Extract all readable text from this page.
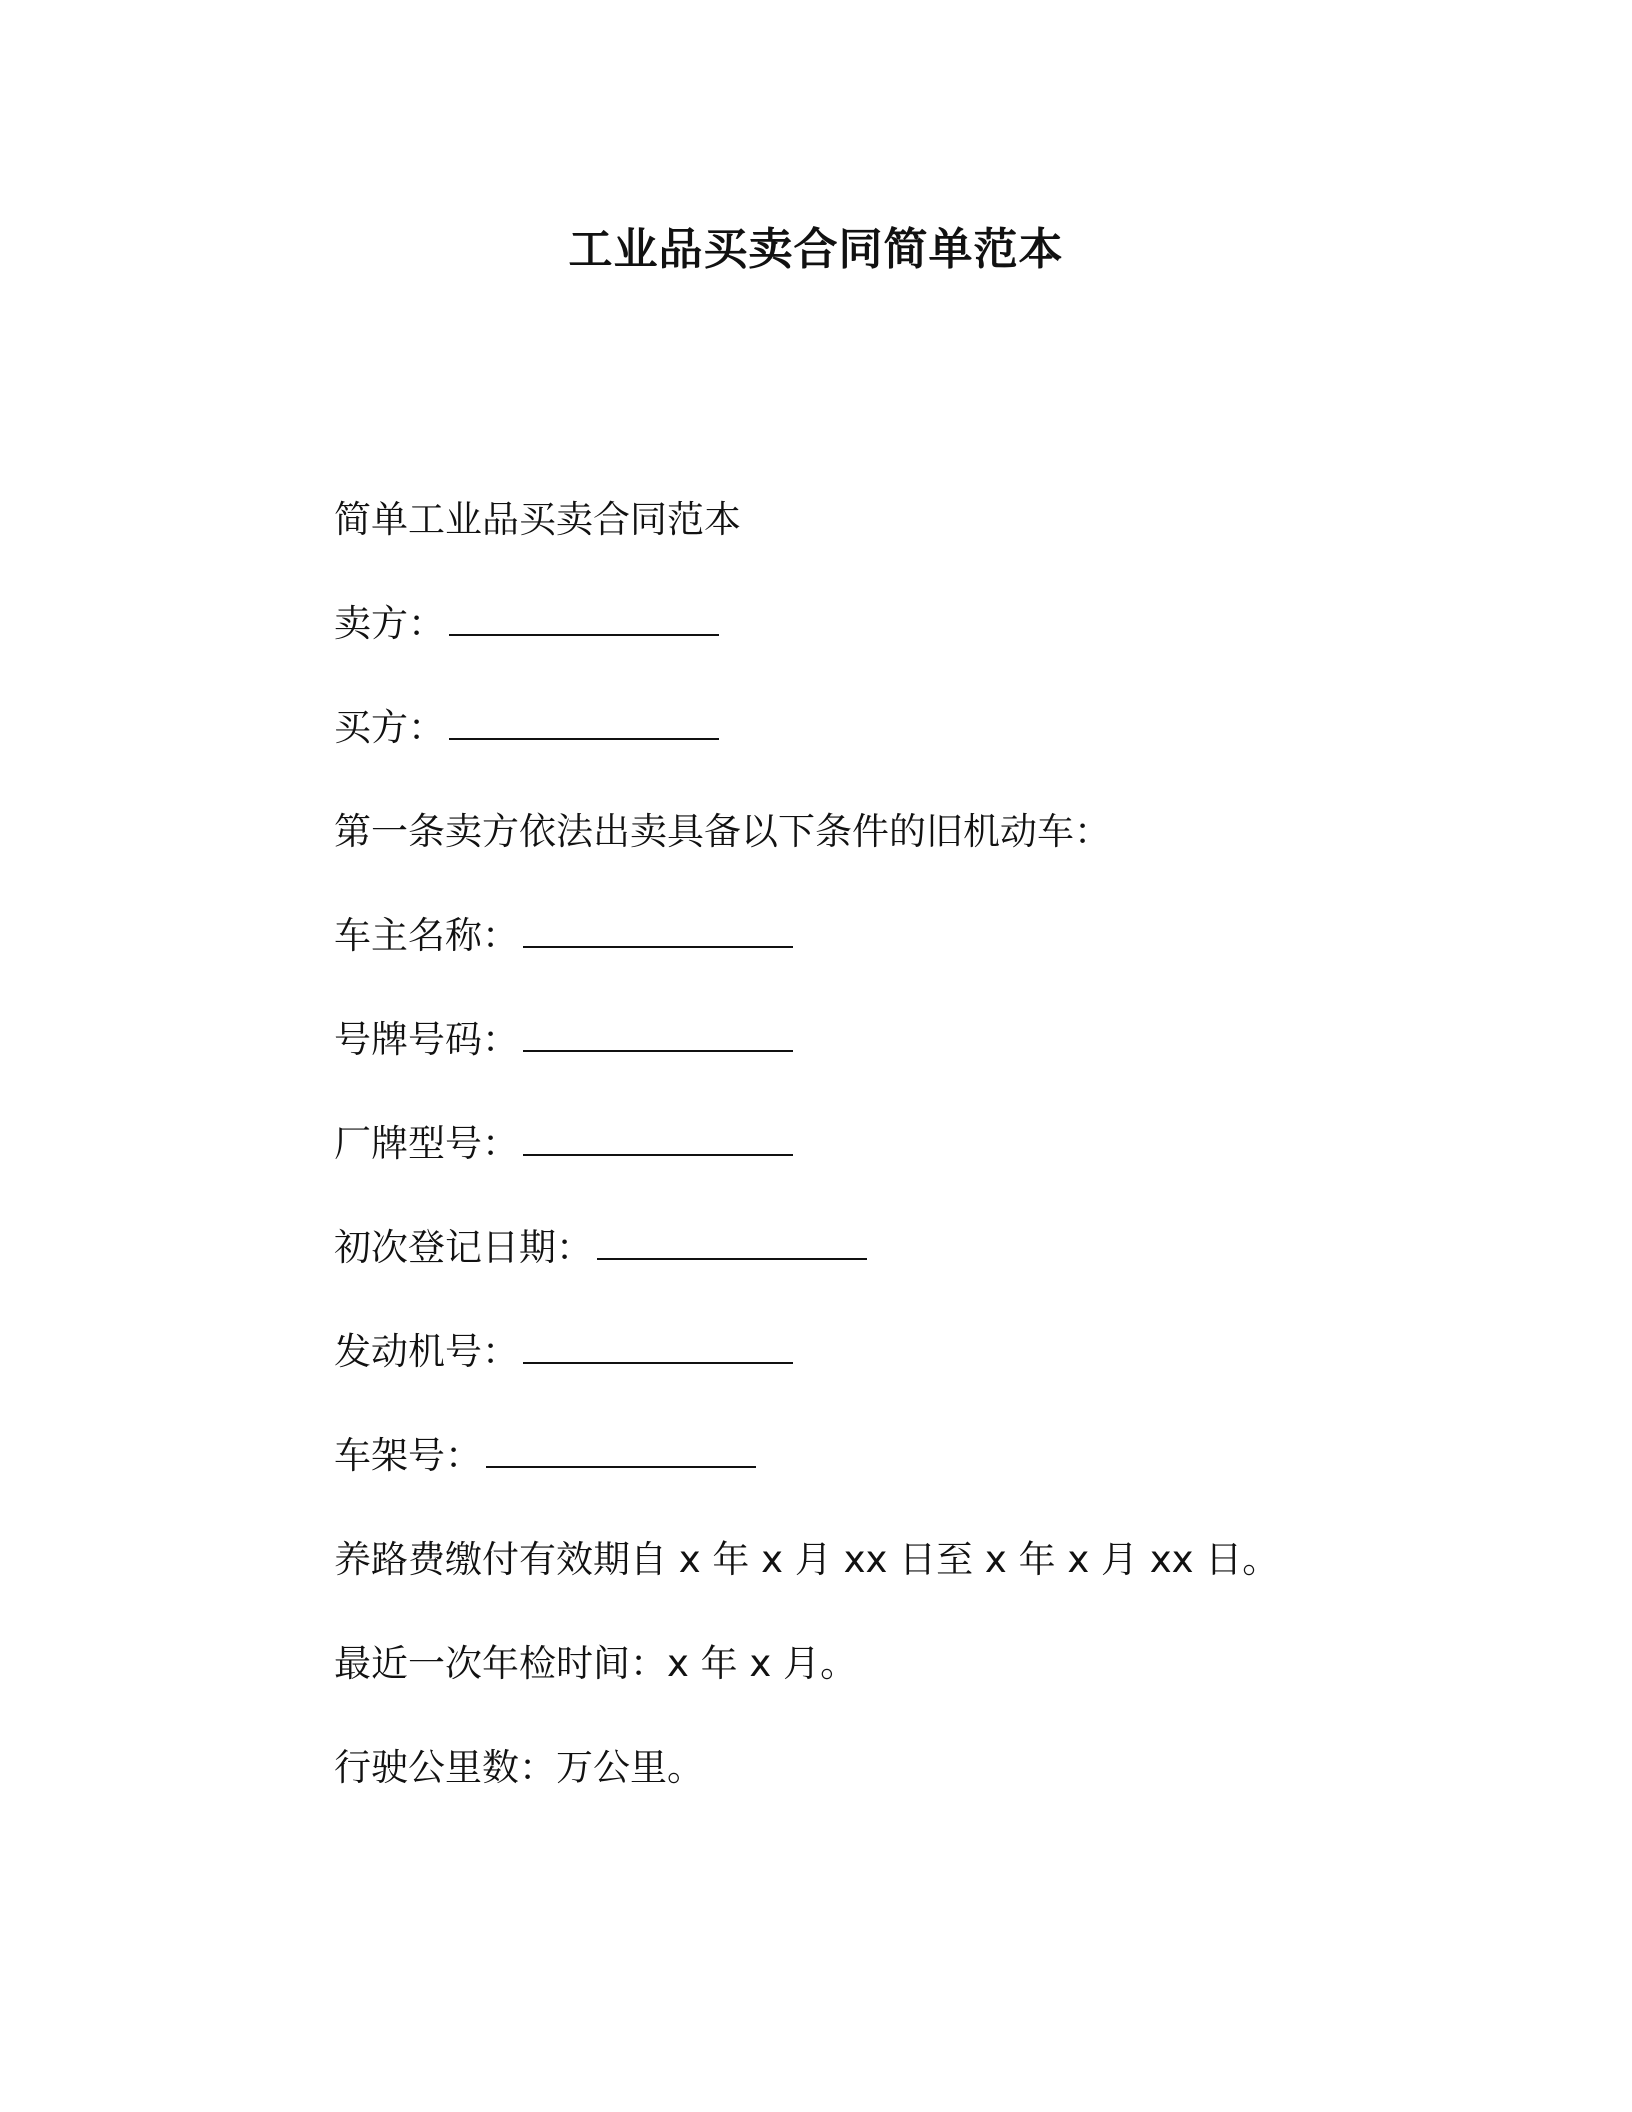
工业品买卖合同简单范本

简单工业品买卖合同范本

卖方：

买方：

第一条卖方依法出卖具备以下条件的旧机动车：

车主名称：

号牌号码：

厂牌型号：

初次登记日期：

发动机号：

车架号：

养路费缴付有效期自 x 年 x 月 xx 日至 x 年 x 月 xx 日。

最近一次年检时间：x 年 x 月。

行驶公里数：万公里。
